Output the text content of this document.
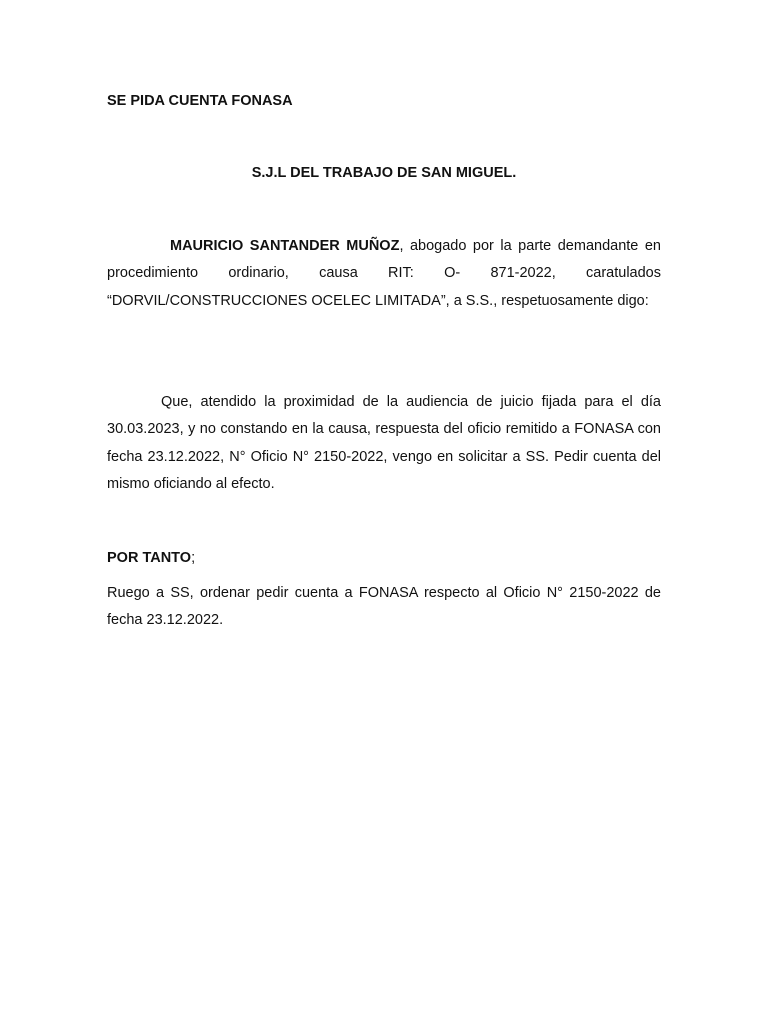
SE PIDA CUENTA FONASA
S.J.L DEL TRABAJO DE SAN MIGUEL.
MAURICIO SANTANDER MUÑOZ, abogado por la parte demandante en procedimiento ordinario, causa RIT: O- 871-2022, caratulados “DORVIL/CONSTRUCCIONES OCELEC LIMITADA”, a S.S., respetuosamente digo:
Que, atendido la proximidad de la audiencia de juicio fijada para el día 30.03.2023, y no constando en la causa, respuesta del oficio remitido a FONASA con fecha 23.12.2022, N° Oficio N° 2150-2022, vengo en solicitar a SS. Pedir cuenta del mismo oficiando al efecto.
POR TANTO;
Ruego a SS, ordenar pedir cuenta a FONASA respecto al Oficio N° 2150-2022 de fecha 23.12.2022.
